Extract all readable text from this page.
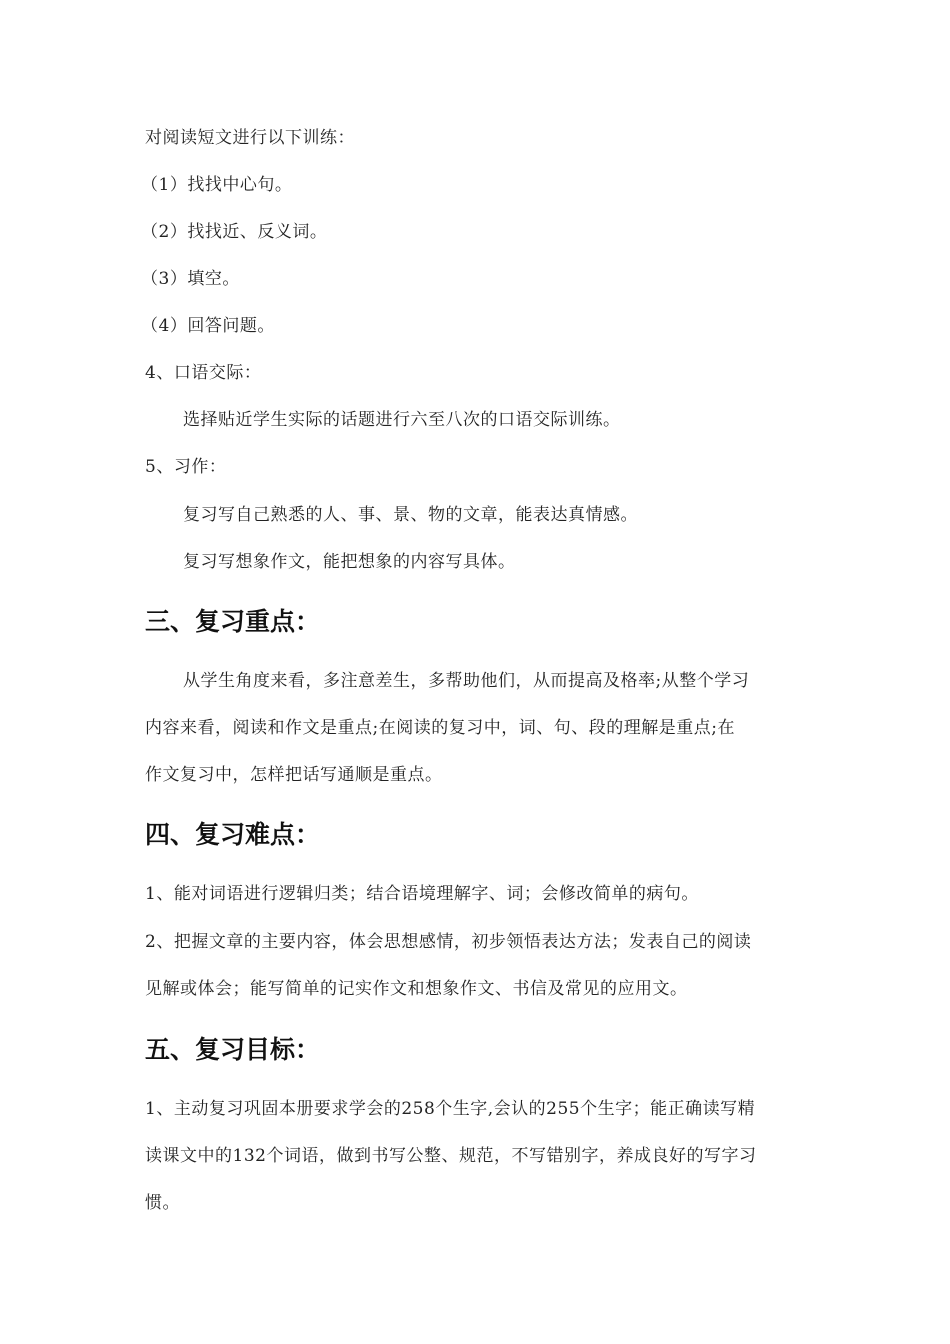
对阅读短文进行以下训练：
（1）找找中心句。
（2）找找近、反义词。
（3）填空。
（4）回答问题。
4、口语交际：
选择贴近学生实际的话题进行六至八次的口语交际训练。
5、习作：
复习写自己熟悉的人、事、景、物的文章，能表达真情感。
复习写想象作文，能把想象的内容写具体。
三、复习重点：
从学生角度来看，多注意差生，多帮助他们，从而提高及格率;从整个学习
内容来看，阅读和作文是重点;在阅读的复习中，词、句、段的理解是重点;在
作文复习中，怎样把话写通顺是重点。
四、复习难点：
1、能对词语进行逻辑归类；结合语境理解字、词；会修改简单的病句。
2、把握文章的主要内容，体会思想感情，初步领悟表达方法；发表自己的阅读
见解或体会；能写简单的记实作文和想象作文、书信及常见的应用文。
五、复习目标：
1、主动复习巩固本册要求学会的258个生字,会认的255个生字；能正确读写精
读课文中的132个词语，做到书写公整、规范，不写错别字，养成良好的写字习
惯。
